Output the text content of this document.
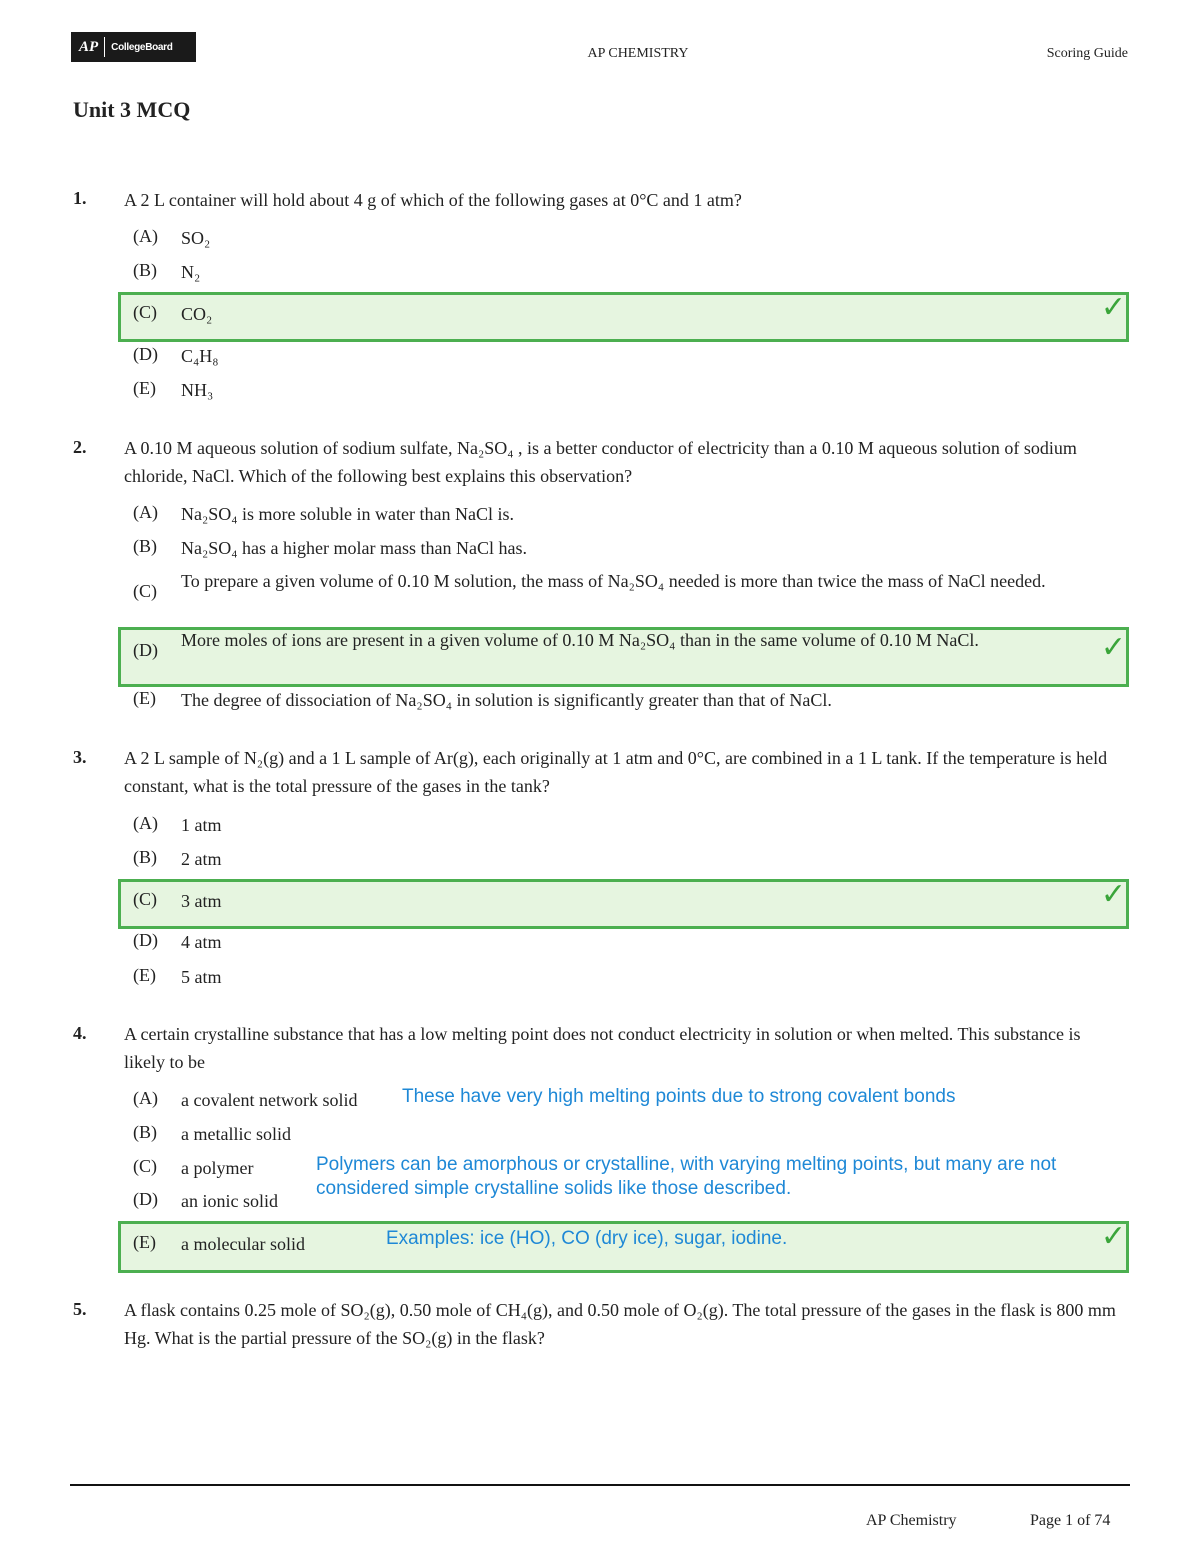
AP CollegeBoard	AP CHEMISTRY	Scoring Guide
Unit 3 MCQ
1. A 2 L container will hold about 4 g of which of the following gases at 0°C and 1 atm?
(A) SO₂
(B) N₂
(C) CO₂	✓
(D) C₄H₈
(E) NH₃
2. A 0.10 M aqueous solution of sodium sulfate, Na₂SO₄ , is a better conductor of electricity than a 0.10 M aqueous solution of sodium chloride, NaCl. Which of the following best explains this observation?
(A) Na₂SO₄ is more soluble in water than NaCl is.
(B) Na₂SO₄ has a higher molar mass than NaCl has.
(C) To prepare a given volume of 0.10 M solution, the mass of Na₂SO₄ needed is more than twice the mass of NaCl needed.
(D) More moles of ions are present in a given volume of 0.10 M Na₂SO₄ than in the same volume of 0.10 M NaCl.	✓
(E) The degree of dissociation of Na₂SO₄ in solution is significantly greater than that of NaCl.
3. A 2 L sample of N₂(g) and a 1 L sample of Ar(g), each originally at 1 atm and 0°C, are combined in a 1 L tank. If the temperature is held constant, what is the total pressure of the gases in the tank?
(A) 1 atm
(B) 2 atm
(C) 3 atm	✓
(D) 4 atm
(E) 5 atm
4. A certain crystalline substance that has a low melting point does not conduct electricity in solution or when melted. This substance is likely to be
(A) a covalent network solid These have very high melting points due to strong covalent bonds
(B) a metallic solid
(C) a polymer	Polymers can be amorphous or crystalline, with varying melting points, but many are not considered simple crystalline solids like those described.
(D) an ionic solid
(E) a molecular solid	Examples: ice (HO), CO (dry ice), sugar, iodine.	✓
5. A flask contains 0.25 mole of SO₂(g), 0.50 mole of CH₄(g), and 0.50 mole of O₂(g). The total pressure of the gases in the flask is 800 mm Hg. What is the partial pressure of the SO₂(g) in the flask?
AP Chemistry	Page 1 of 74
